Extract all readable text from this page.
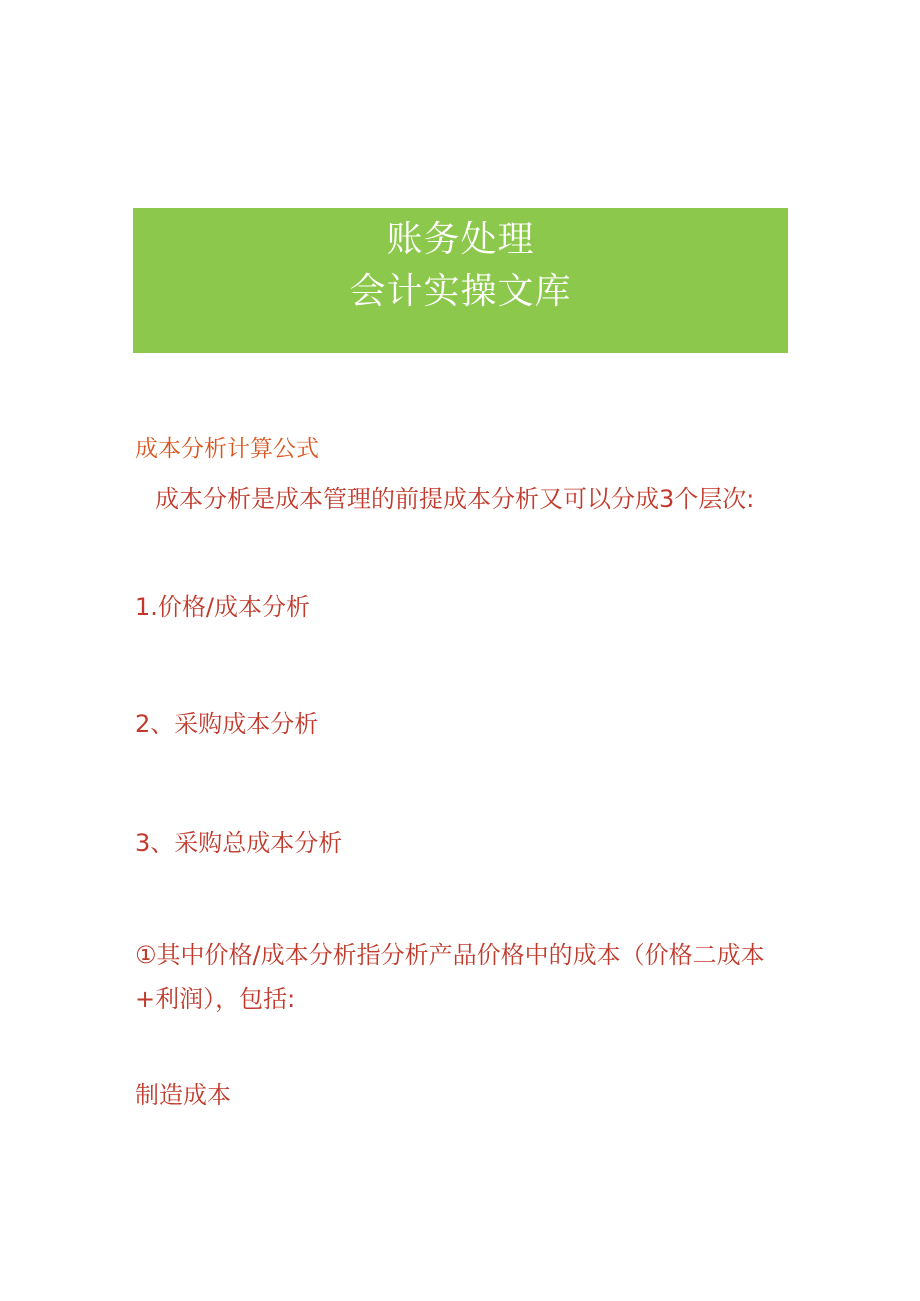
账务处理
会计实操文库
成本分析计算公式
成本分析是成本管理的前提成本分析又可以分成3个层次:
1.价格/成本分析
2、采购成本分析
3、采购总成本分析
①其中价格/成本分析指分析产品价格中的成本（价格二成本+利润），包括:
制造成本
